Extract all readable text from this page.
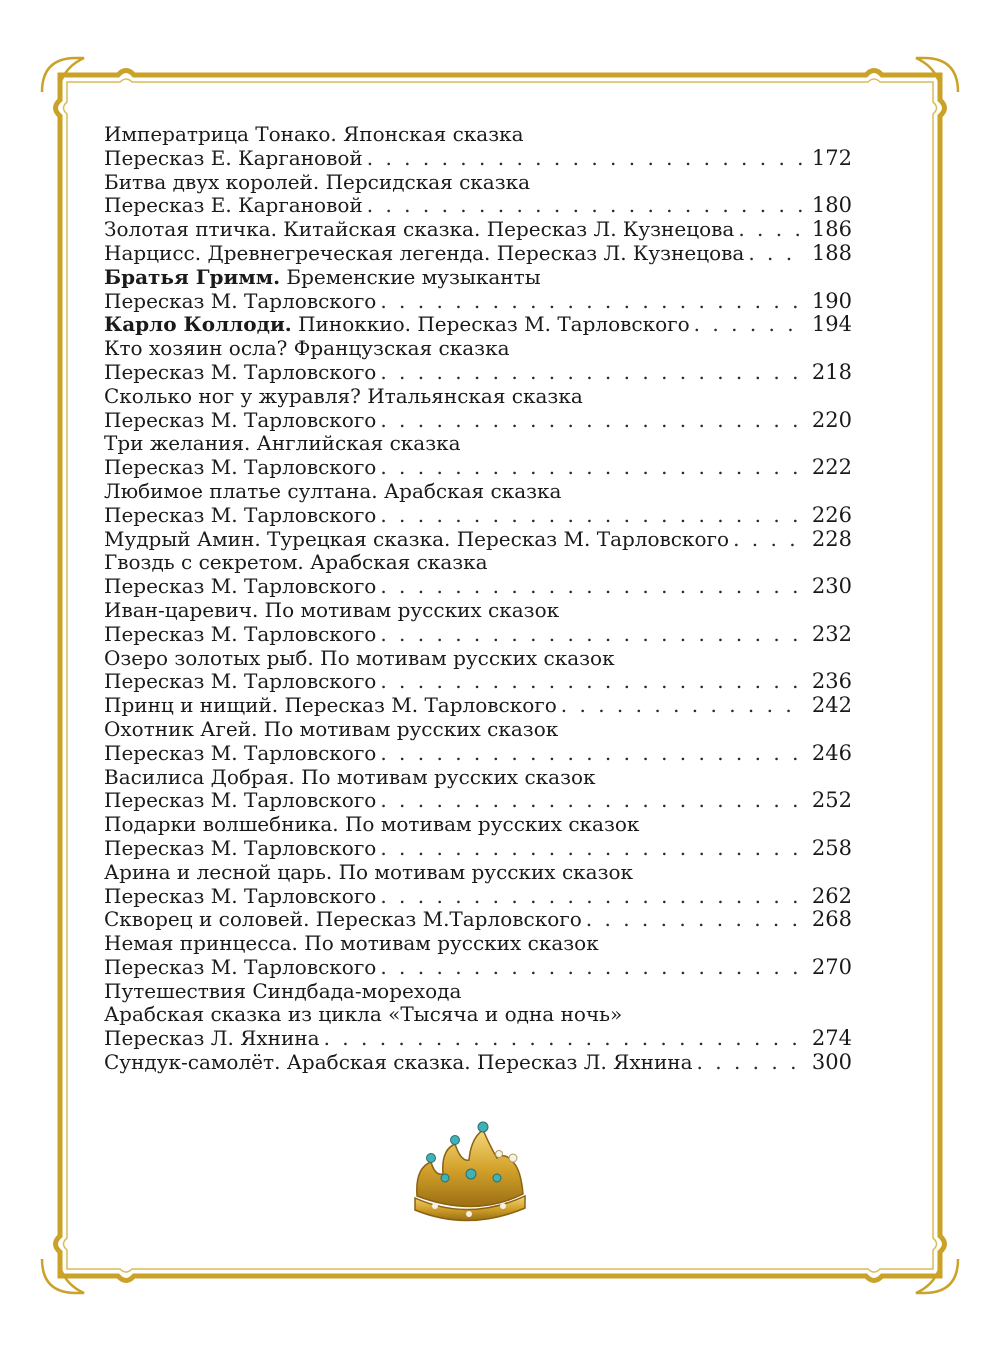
Императрица Тонако. Японская сказка
Пересказ Е. Каргановой . . .	172
Битва двух королей. Персидская сказка
Пересказ Е. Каргановой . . .	180
Золотая птичка. Китайская сказка. Пересказ Л. Кузнецова . . .	186
Нарцисс. Древнегреческая легенда. Пересказ Л. Кузнецова . . .	188
Братья Гримм. Бременские музыканты
Пересказ М. Тарловского . . .	190
Карло Коллоди. Пиноккио. Пересказ М. Тарловского . . .	194
Кто хозяин осла? Французская сказка
Пересказ М. Тарловского . . .	218
Сколько ног у журавля? Итальянская сказка
Пересказ М. Тарловского . . .	220
Три желания. Английская сказка
Пересказ М. Тарловского . . .	222
Любимое платье султана. Арабская сказка
Пересказ М. Тарловского . . .	226
Мудрый Амин. Турецкая сказка. Пересказ М. Тарловского . . .	228
Гвоздь с секретом. Арабская сказка
Пересказ М. Тарловского . . .	230
Иван-царевич. По мотивам русских сказок
Пересказ М. Тарловского . . .	232
Озеро золотых рыб. По мотивам русских сказок
Пересказ М. Тарловского . . .	236
Принц и нищий. Пересказ М. Тарловского . . .	242
Охотник Агей. По мотивам русских сказок
Пересказ М. Тарловского . . .	246
Василиса Добрая. По мотивам русских сказок
Пересказ М. Тарловского . . .	252
Подарки волшебника. По мотивам русских сказок
Пересказ М. Тарловского . . .	258
Арина и лесной царь. По мотивам русских сказок
Пересказ М. Тарловского . . .	262
Скворец и соловей. Пересказ М.Тарловского . . .	268
Немая принцесса. По мотивам русских сказок
Пересказ М. Тарловского . . .	270
Путешествия Синдбада-морехода
Арабская сказка из цикла «Тысяча и одна ночь»
Пересказ Л. Яхнина . . .	274
Сундук-самолёт. Арабская сказка. Пересказ Л. Яхнина . . .	300
